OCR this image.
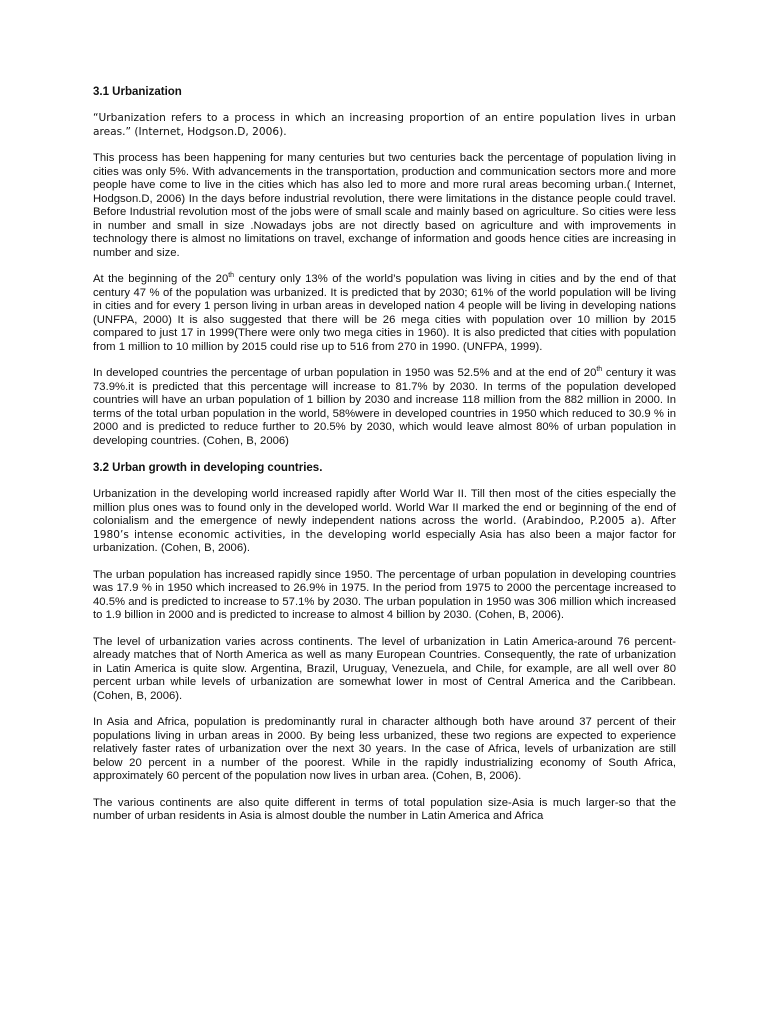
3.1 Urbanization

“Urbanization refers to a process in which an increasing proportion of an entire population lives in urban areas.” (Internet, Hodgson.D, 2006).

This process has been happening for many centuries but two centuries back the percentage of population living in cities was only 5%. With advancements in the transportation, production and communication sectors more and more people have come to live in the cities which has also led to more and more rural areas becoming urban.( Internet, Hodgson.D, 2006) In the days before industrial revolution, there were limitations in the distance people could travel. Before Industrial revolution most of the jobs were of small scale and mainly based on agriculture. So cities were less in number and small in size .Nowadays jobs are not directly based on agriculture and with improvements in technology there is almost no limitations on travel, exchange of information and goods hence cities are increasing in number and size.

At the beginning of the 20th century only 13% of the world’s population was living in cities and by the end of that century 47 % of the population was urbanized. It is predicted that by 2030; 61% of the world population will be living in cities and for every 1 person living in urban areas in developed nation 4 people will be living in developing nations (UNFPA, 2000) It is also suggested that there will be 26 mega cities with population over 10 million by 2015 compared to just 17 in 1999(There were only two mega cities in 1960). It is also predicted that cities with population from 1 million to 10 million by 2015 could rise up to 516 from 270 in 1990. (UNFPA, 1999).

In developed countries the percentage of urban population in 1950 was 52.5% and at the end of 20th century it was 73.9%.it is predicted that this percentage will increase to 81.7% by 2030. In terms of the population developed countries will have an urban population of 1 billion by 2030 and increase 118 million from the 882 million in 2000. In terms of the total urban population in the world, 58%were in developed countries in 1950 which reduced to 30.9 % in 2000 and is predicted to reduce further to 20.5% by 2030, which would leave almost 80% of urban population in developing countries. (Cohen, B, 2006)

3.2 Urban growth in developing countries.

Urbanization in the developing world increased rapidly after World War II. Till then most of the cities especially the million plus ones was to found only in the developed world. World War II marked the end or beginning of the end of colonialism and the emergence of newly independent nations across the world. (Arabindoo, P.2005 a). After 1980’s intense economic activities, in the developing world especially Asia has also been a major factor for urbanization. (Cohen, B, 2006).

The urban population has increased rapidly since 1950. The percentage of urban population in developing countries was 17.9 % in 1950 which increased to 26.9% in 1975. In the period from 1975 to 2000 the percentage increased to 40.5% and is predicted to increase to 57.1% by 2030. The urban population in 1950 was 306 million which increased to 1.9 billion in 2000 and is predicted to increase to almost 4 billion by 2030. (Cohen, B, 2006).

The level of urbanization varies across continents. The level of urbanization in Latin America-around 76 percent-already matches that of North America as well as many European Countries. Consequently, the rate of urbanization in Latin America is quite slow. Argentina, Brazil, Uruguay, Venezuela, and Chile, for example, are all well over 80 percent urban while levels of urbanization are somewhat lower in most of Central America and the Caribbean. (Cohen, B, 2006).

In Asia and Africa, population is predominantly rural in character although both have around 37 percent of their populations living in urban areas in 2000. By being less urbanized, these two regions are expected to experience relatively faster rates of urbanization over the next 30 years. In the case of Africa, levels of urbanization are still below 20 percent in a number of the poorest. While in the rapidly industrializing economy of South Africa, approximately 60 percent of the population now lives in urban area. (Cohen, B, 2006).

The various continents are also quite different in terms of total population size-Asia is much larger-so that the number of urban residents in Asia is almost double the number in Latin America and Africa
